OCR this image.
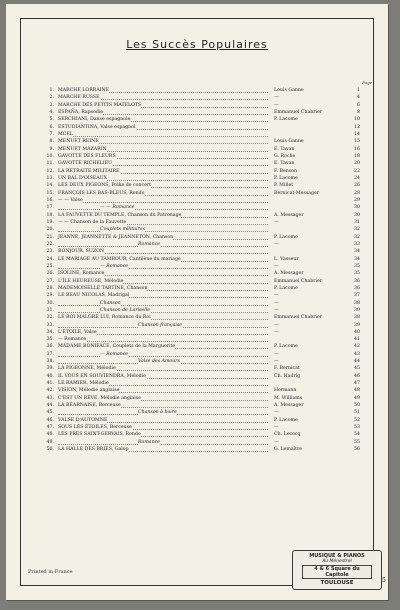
Les Succès Populaires
Page
1. MARCHE LORRAINE	Louis Ganne	1
2. MARCHE RUSSE	—	4
3. MARCHE DES PETITS MATELOTS	—	6
4. ESPAÑA, Rapsodie	Emmanuel Chabrier	8
5. SERCHIANI, Danse espagnole	P. Lacome	10
6. ESTUDIANTINA, Valse espagnol	12
7. MCEL	14
8. MENUET REINE	Louis Ganne	15
9. MENUET MAZARIN	E. Tavan	16
10. GAVOTTE DES FLEURS	G. Roche	18
11. GAVOTTE RICHELIEU	E. Tavan	20
12. LA RETRAITE MILITAIRE	F. Benson	22
13. UN BAL D'OISEAUX	P. Lacome	24
14. LES DEUX PIGEONS, Polka de concert	P. Millet	26
15. FRANÇOIS LES BAS-BLEUS, Rondo	Bernicat-Messager	28
16. — — Valse	29
17.	— — Romance	30
18. LA FAUVETTE DU TEMPLE, Chanson du Patronage	A. Messager	30
19. — — Chanson de la Fauvette	—	31
20.	Couplets militaires	32
21. JEANNE, JEANNETTE & JEANNETON, Chanson	P. Lacome	32
22.	Romance	—	33
23. BONJOUR, SUZON	34
24. LE MARIAGE AU TAMBOUR, Cantilène du mariage	L. Vasseur	34
25.	— Romance	—	35
26. ISOLINE, Romance	A. Messager	35
27. L'ÎLE HEUREUSE, Mélodie	Emmanuel Chabrier	36
28. MADEMOISELLE TARTINE, Chanson	P. Lacome	36
29. LE BEAU NICOLAS, Madrigal	—	37
30.	Chanson	—	38
31.	Chanson de Lariselle	—	39
32. LE ROI MALGRÉ LUI, Romance du Roi	Emmanuel Chabrier	38
33.	Chanson française	—	39
34. L'ÉTOILE, Valse	—	40
35. — Romance	41
36. MADAME BONIFACE, Couplets de la Marguerite	P. Lacome	42
37.	— Romance	—	43
38.	Valse des Amours	—	44
39. LA PIGEONNE, Mélodie	F. Bernicat	45
40. IL VOUS EN SOUVIENDRA, Mélodie	Ch. Hadrig	46
41. LE RAMIER, Mélodie	47
42. VISION, Mélodie anglaise	Hermann	48
43. C'EST UN RÊVE, Mélodie anglaise	M. Williams	49
44. LA BÉARNAISE, Berceuse	A. Messager	50
45.	Chanson à boire	—	51
46. VALSE D'AUTOMNE	P. Lacome	52
47. SOUS LES ÉTOILES, Berceuse	—	53
48. LES PRÉS SAINT-GERVAIS, Rondo	Ch. Lecocq	54
49.	Romance	—	55
50. LA HALLE DES BRIES, Galop	G. Lemaître	56
Printed in France
MUSIQUE & PIANOS
Au Ménestrel
4 & 6 Square du Capitole
TOULOUSE	5
